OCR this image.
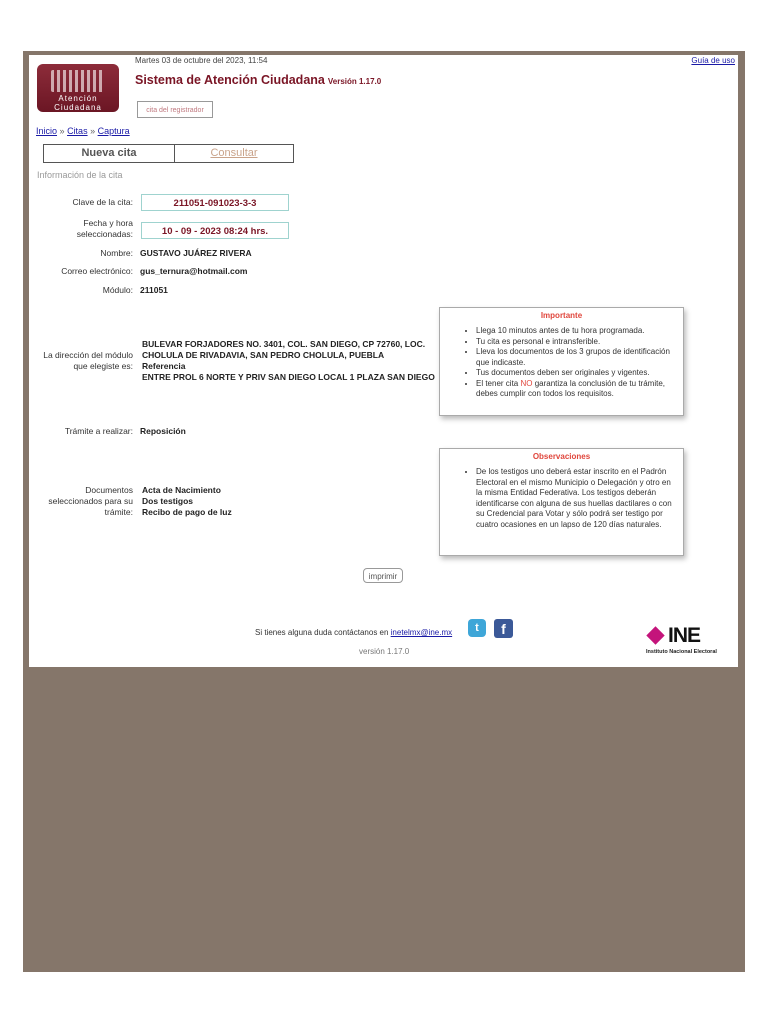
Martes 03 de octubre del 2023, 11:54	Guía de uso
Atención
Ciudadana
Sistema de Atención Ciudadana Versión 1.17.0
cita del registrador
Inicio » Citas » Captura
Nueva cita	Consultar
Información de la cita
Clave de la cita:	211051-091023-3-3
Fecha y hora
seleccionadas:	10 - 09 - 2023 08:24 hrs.
Nombre: GUSTAVO JUÁREZ RIVERA
Correo electrónico: gus_ternura@hotmail.com
Módulo: 211051
La dirección del módulo
que elegiste es:
BULEVAR FORJADORES NO. 3401, COL. SAN DIEGO, CP 72760, LOC.
CHOLULA DE RIVADAVIA, SAN PEDRO CHOLULA, PUEBLA
Referencia
ENTRE PROL 6 NORTE Y PRIV SAN DIEGO LOCAL 1 PLAZA SAN DIEGO
Importante
• Llega 10 minutos antes de tu hora programada.
• Tu cita es personal e intransferible.
• Lleva los documentos de los 3 grupos de identificación que indicaste.
• Tus documentos deben ser originales y vigentes.
• El tener cita NO garantiza la conclusión de tu trámite, debes cumplir con todos los requisitos.
Trámite a realizar: Reposición
Observaciones
• De los testigos uno deberá estar inscrito en el Padrón Electoral en el mismo Municipio o Delegación y otro en la misma Entidad Federativa. Los testigos deberán identificarse con alguna de sus huellas dactilares o con su Credencial para Votar y sólo podrá ser testigo por cuatro ocasiones en un lapso de 120 días naturales.
Documentos
seleccionados para su
trámite:
Acta de Nacimiento
Dos testigos
Recibo de pago de luz
imprimir
Si tienes alguna duda contáctanos en inetelmx@ine.mx	t	f
versión 1.17.0
INE
Instituto Nacional Electoral
